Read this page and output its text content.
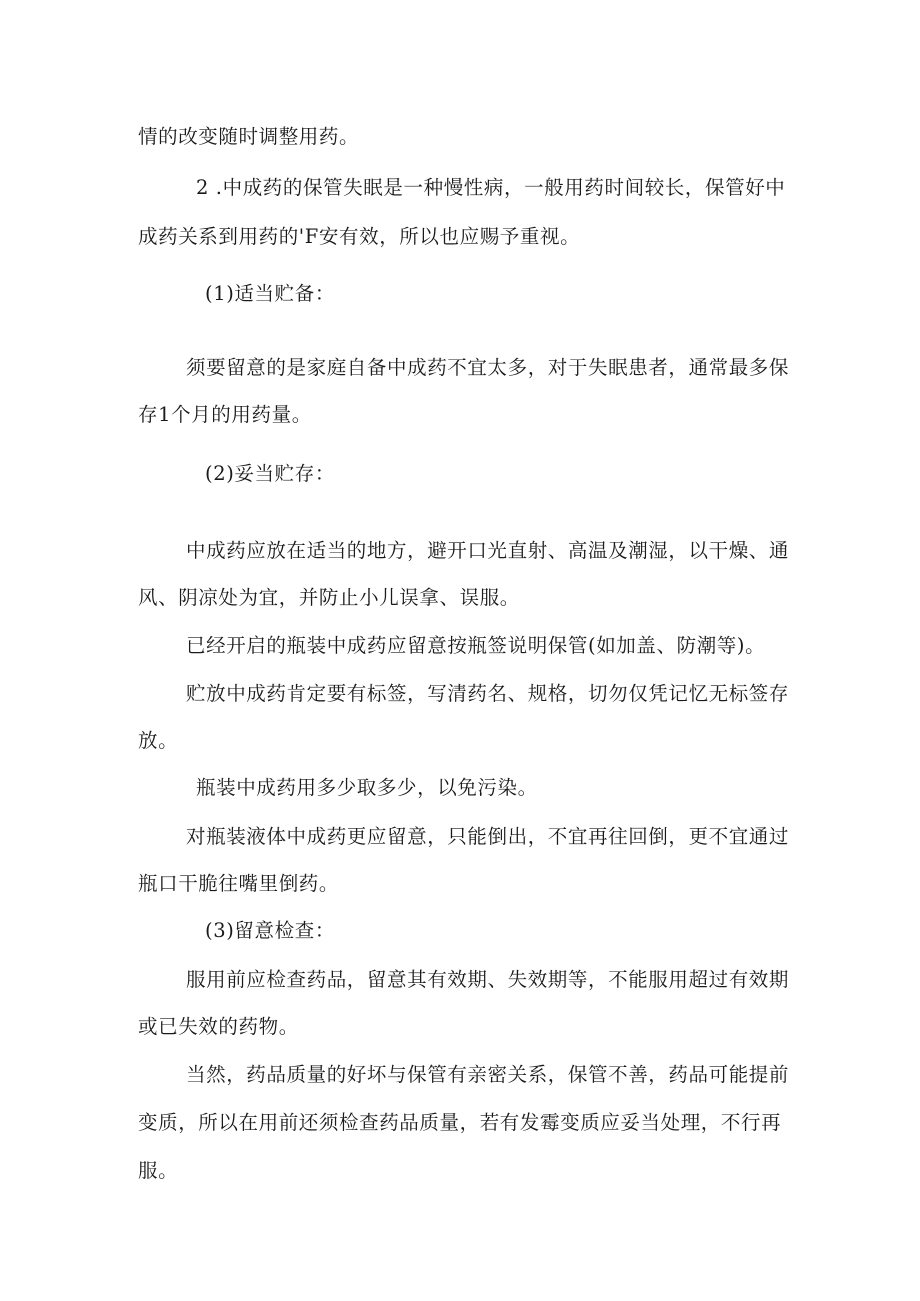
情的改变随时调整用药。
2 .中成药的保管失眠是一种慢性病，一般用药时间较长，保管好中
成药关系到用药的'F安有效，所以也应赐予重视。
(1)适当贮备：
须要留意的是家庭自备中成药不宜太多，对于失眠患者，通常最多保
存1个月的用药量。
(2)妥当贮存：
中成药应放在适当的地方，避开口光直射、高温及潮湿，以干燥、通
风、阴凉处为宜，并防止小儿误拿、误服。
已经开启的瓶装中成药应留意按瓶签说明保管(如加盖、防潮等)。
贮放中成药肯定要有标签，写清药名、规格，切勿仅凭记忆无标签存
放。
瓶装中成药用多少取多少，以免污染。
对瓶装液体中成药更应留意，只能倒出，不宜再往回倒，更不宜通过
瓶口干脆往嘴里倒药。
(3)留意检查：
服用前应检查药品，留意其有效期、失效期等，不能服用超过有效期
或已失效的药物。
当然，药品质量的好坏与保管有亲密关系，保管不善，药品可能提前
变质，所以在用前还须检查药品质量，若有发霉变质应妥当处理，不行再
服。
